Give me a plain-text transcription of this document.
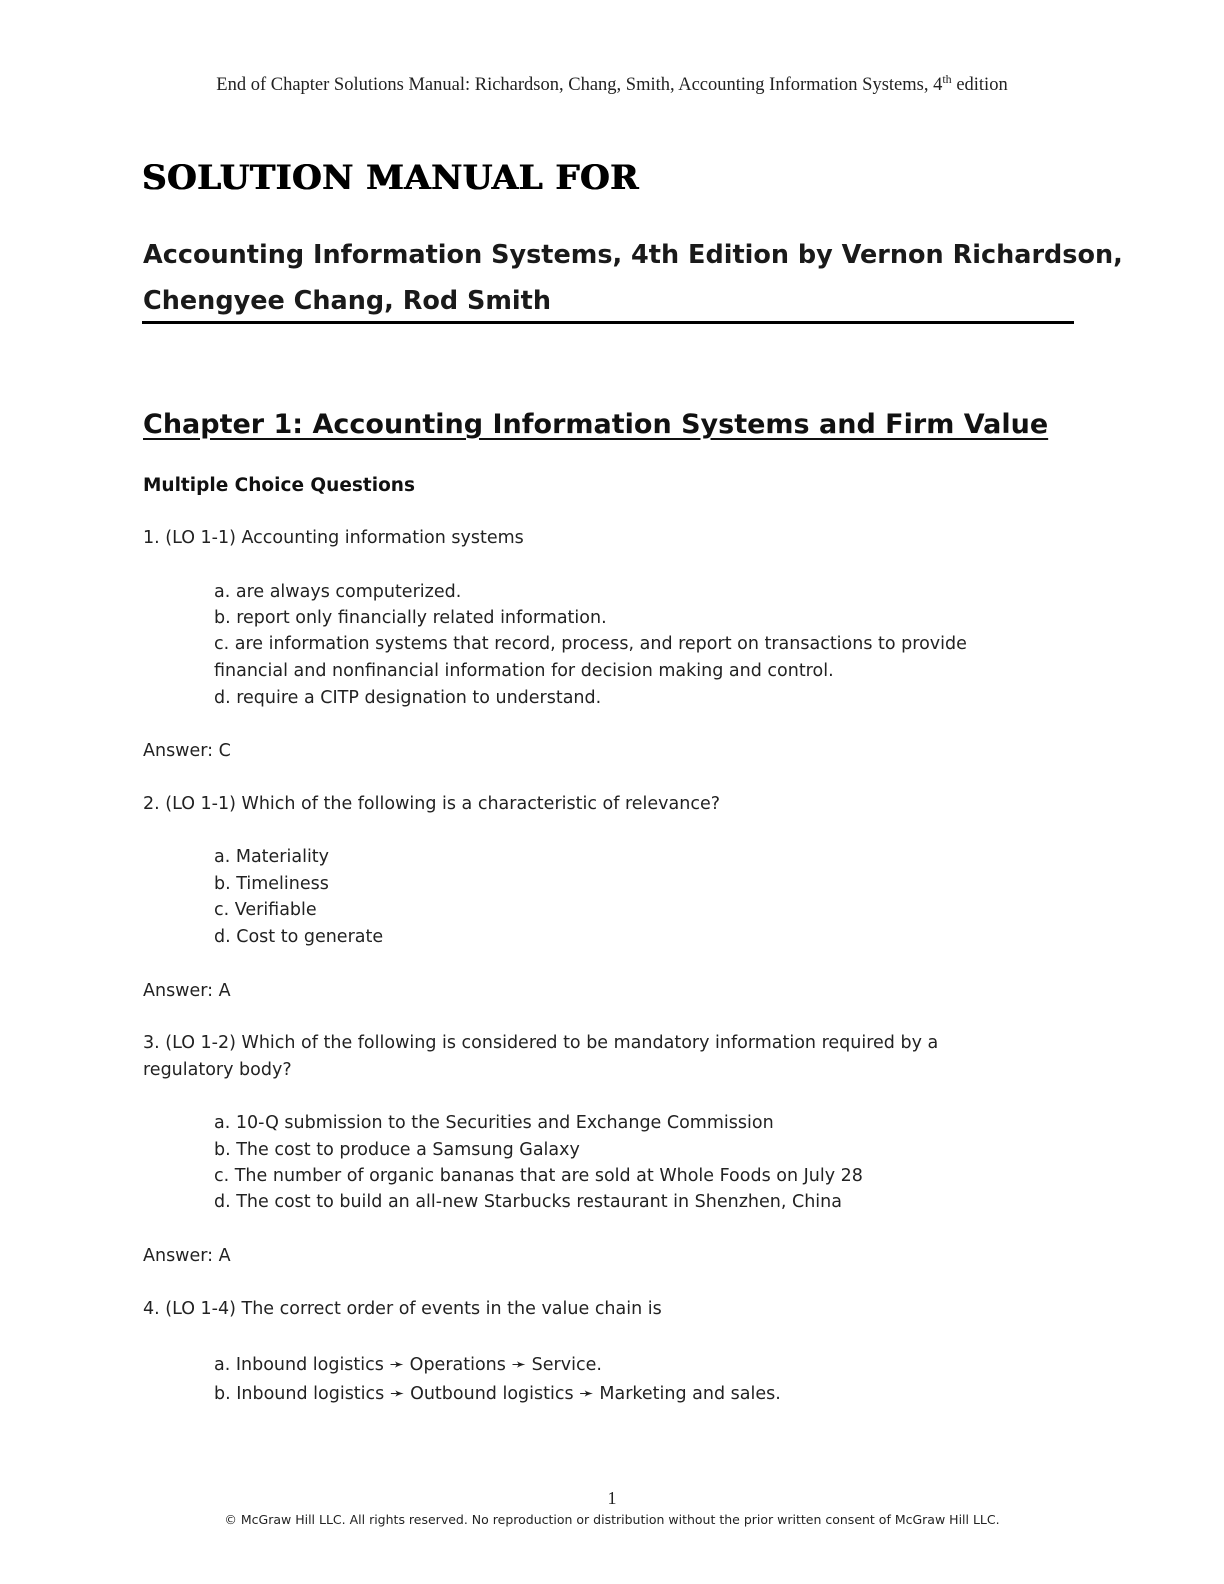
End of Chapter Solutions Manual: Richardson, Chang, Smith, Accounting Information Systems, 4th edition
SOLUTION MANUAL FOR
Accounting Information Systems, 4th Edition by Vernon Richardson,
Chengyee Chang, Rod Smith
Chapter 1: Accounting Information Systems and Firm Value
Multiple Choice Questions
1. (LO 1-1) Accounting information systems
a. are always computerized.
b. report only financially related information.
c. are information systems that record, process, and report on transactions to provide
financial and nonfinancial information for decision making and control.
d. require a CITP designation to understand.
Answer: C
2. (LO 1-1) Which of the following is a characteristic of relevance?
a. Materiality
b. Timeliness
c. Verifiable
d. Cost to generate
Answer: A
3. (LO 1-2) Which of the following is considered to be mandatory information required by a
regulatory body?
a. 10-Q submission to the Securities and Exchange Commission
b. The cost to produce a Samsung Galaxy
c. The number of organic bananas that are sold at Whole Foods on July 28
d. The cost to build an all-new Starbucks restaurant in Shenzhen, China
Answer: A
4. (LO 1-4) The correct order of events in the value chain is
a. Inbound logistics ➛ Operations ➛ Service.
b. Inbound logistics ➛ Outbound logistics ➛ Marketing and sales.
1
© McGraw Hill LLC. All rights reserved. No reproduction or distribution without the prior written consent of McGraw Hill LLC.
